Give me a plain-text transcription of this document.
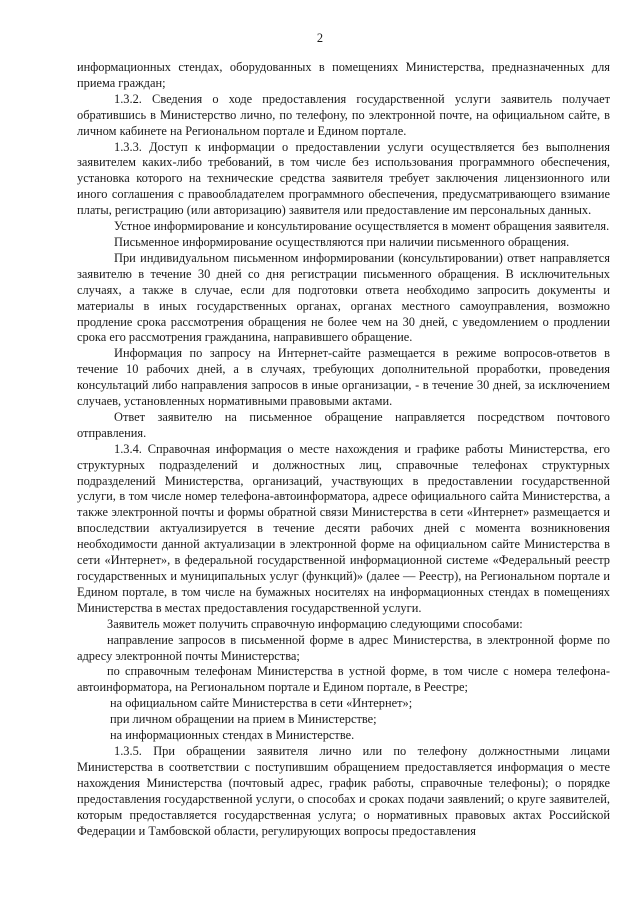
2

информационных стендах, оборудованных в помещениях Министерства, предназначенных для приема граждан;

1.3.2. Сведения о ходе предоставления государственной услуги заявитель получает обратившись в Министерство лично, по телефону, по электронной почте, на официальном сайте, в личном кабинете на Региональном портале и Едином портале.

1.3.3. Доступ к информации о предоставлении услуги осуществляется без выполнения заявителем каких-либо требований, в том числе без использования программного обеспечения, установка которого на технические средства заявителя требует заключения лицензионного или иного соглашения с правообладателем программного обеспечения, предусматривающего взимание платы, регистрацию (или авторизацию) заявителя или предоставление им персональных данных.

Устное информирование и консультирование осуществляется в момент обращения заявителя.

Письменное информирование осуществляются при наличии письменного обращения.

При индивидуальном письменном информировании (консультировании) ответ направляется заявителю в течение 30 дней со дня регистрации письменного обращения. В исключительных случаях, а также в случае, если для подготовки ответа необходимо запросить документы и материалы в иных государственных органах, органах местного самоуправления, возможно продление срока рассмотрения обращения не более чем на 30 дней, с уведомлением о продлении срока его рассмотрения гражданина, направившего обращение.

Информация по запросу на Интернет-сайте размещается в режиме вопросов-ответов в течение 10 рабочих дней, а в случаях, требующих дополнительной проработки, проведения консультаций либо направления запросов в иные организации, - в течение 30 дней, за исключением случаев, установленных нормативными правовыми актами.

Ответ заявителю на письменное обращение направляется посредством почтового отправления.

1.3.4. Справочная информация о месте нахождения и графике работы Министерства, его структурных подразделений и должностных лиц, справочные телефонах структурных подразделений Министерства, организаций, участвующих в предоставлении государственной услуги, в том числе номер телефона-автоинформатора, адресе официального сайта Министерства, а также электронной почты и формы обратной связи Министерства в сети «Интернет» размещается и впоследствии актуализируется в течение десяти рабочих дней с момента возникновения необходимости данной актуализации в электронной форме на официальном сайте Министерства в сети «Интернет», в федеральной государственной информационной системе «Федеральный реестр государственных и муниципальных услуг (функций)» (далее — Реестр), на Региональном портале и Едином портале, в том числе на бумажных носителях на информационных стендах в помещениях Министерства в местах предоставления государственной услуги.

Заявитель может получить справочную информацию следующими способами:

направление запросов в письменной форме в адрес Министерства, в электронной форме по адресу электронной почты Министерства;

по справочным телефонам Министерства в устной форме, в том числе с номера телефона-автоинформатора, на Региональном портале и Едином портале, в Реестре;

на официальном сайте Министерства в сети «Интернет»;

при личном обращении на прием в Министерстве;

на информационных стендах в Министерстве.

1.3.5. При обращении заявителя лично или по телефону должностными лицами Министерства в соответствии с поступившим обращением предоставляется информация о месте нахождения Министерства (почтовый адрес, график работы, справочные телефоны); о порядке предоставления государственной услуги, о способах и сроках подачи заявлений; о круге заявителей, которым предоставляется государственная услуга; о нормативных правовых актах Российской Федерации и Тамбовской области, регулирующих вопросы предоставления
